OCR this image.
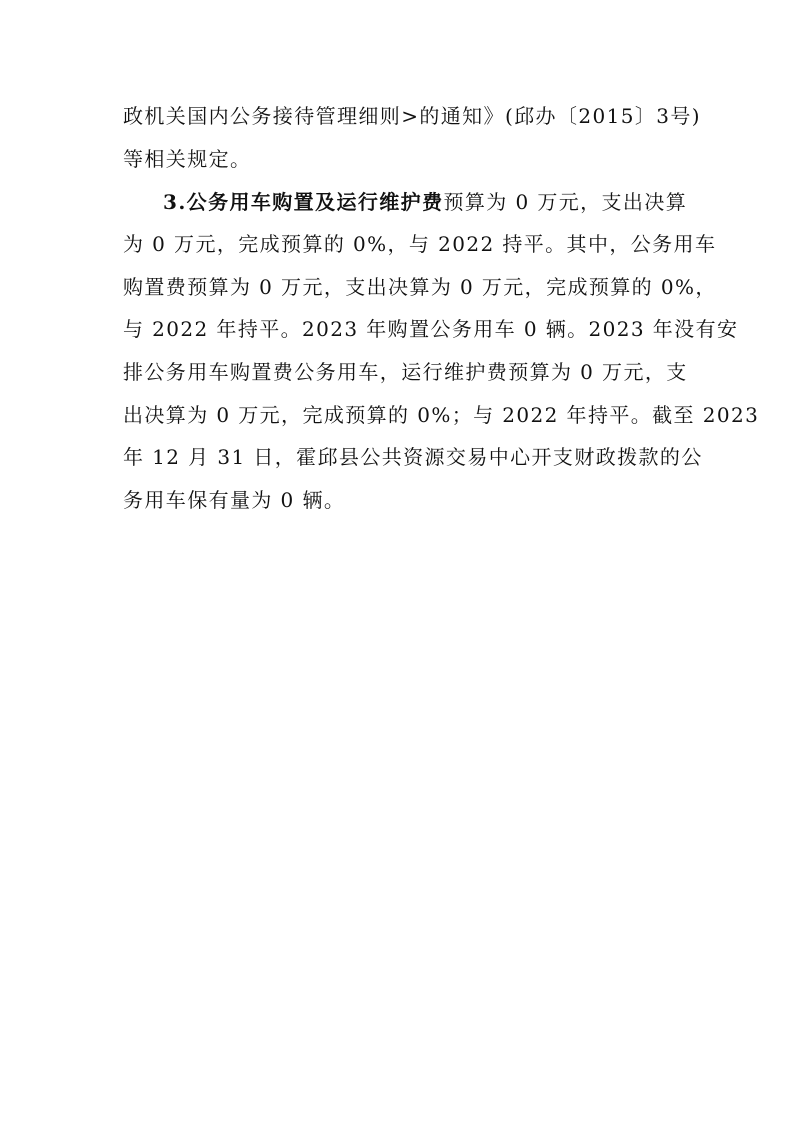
政机关国内公务接待管理细则>的通知》(邱办〔2015〕3号)
等相关规定。
3.公务用车购置及运行维护费预算为 0 万元，支出决算
为 0 万元，完成预算的 0%，与 2022 持平。其中，公务用车
购置费预算为 0 万元，支出决算为 0 万元，完成预算的 0%，
与 2022 年持平。2023 年购置公务用车 0 辆。2023 年没有安
排公务用车购置费公务用车，运行维护费预算为 0 万元，支
出决算为 0 万元，完成预算的 0%；与 2022 年持平。截至 2023
年 12 月 31 日，霍邱县公共资源交易中心开支财政拨款的公
务用车保有量为 0 辆。
